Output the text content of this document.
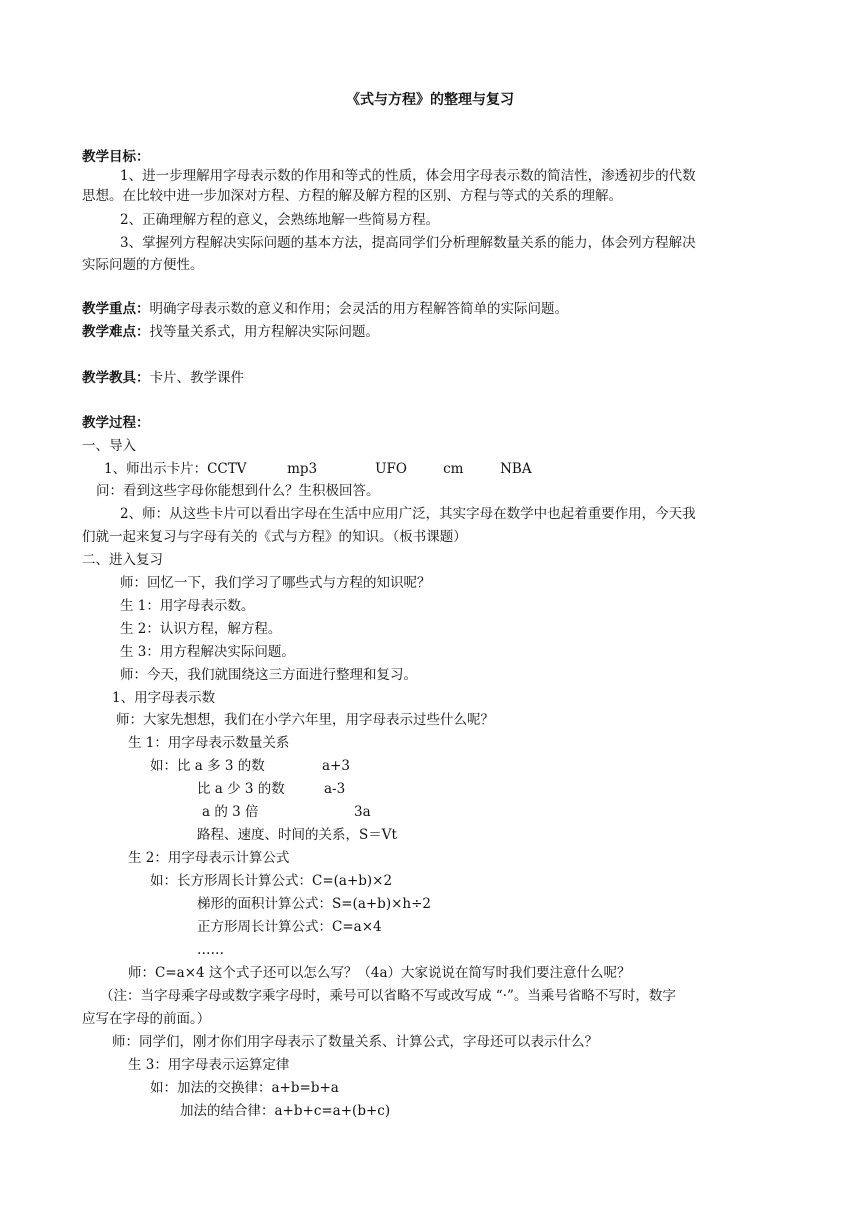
《式与方程》的整理与复习
教学目标：
1、进一步理解用字母表示数的作用和等式的性质，体会用字母表示数的简洁性，渗透初步的代数
思想。在比较中进一步加深对方程、方程的解及解方程的区别、方程与等式的关系的理解。
2、正确理解方程的意义，会熟练地解一些简易方程。
3、掌握列方程解决实际问题的基本方法，提高同学们分析理解数量关系的能力，体会列方程解决
实际问题的方便性。
教学重点：明确字母表示数的意义和作用；会灵活的用方程解答简单的实际问题。
教学难点：找等量关系式，用方程解决实际问题。
教学教具：卡片、教学课件
教学过程：
一、导入
1、师出示卡片：CCTV	mp3	UFO	cm	NBA
问：看到这些字母你能想到什么？生积极回答。
2、师：从这些卡片可以看出字母在生活中应用广泛，其实字母在数学中也起着重要作用，今天我
们就一起来复习与字母有关的《式与方程》的知识。（板书课题）
二、进入复习
师：回忆一下，我们学习了哪些式与方程的知识呢？
生 1：用字母表示数。
生 2：认识方程，解方程。
生 3：用方程解决实际问题。
师：今天，我们就围绕这三方面进行整理和复习。
1、用字母表示数
师：大家先想想，我们在小学六年里，用字母表示过些什么呢？
生 1：用字母表示数量关系
如：比 a 多 3 的数	a+3
比 a 少 3 的数	a-3
a 的 3 倍	3a
路程、速度、时间的关系，S＝Vt
生 2：用字母表示计算公式
如：长方形周长计算公式：C=(a+b)×2
梯形的面积计算公式：S=(a+b)×h÷2
正方形周长计算公式：C=a×4
……
师：C=a×4 这个式子还可以怎么写？（4a）大家说说在简写时我们要注意什么呢？
（注：当字母乘字母或数字乘字母时，乘号可以省略不写或改写成 “·”。当乘号省略不写时，数字
应写在字母的前面。）
师：同学们，刚才你们用字母表示了数量关系、计算公式，字母还可以表示什么？
生 3：用字母表示运算定律
如：加法的交换律：a+b=b+a
加法的结合律：a+b+c=a+(b+c)
